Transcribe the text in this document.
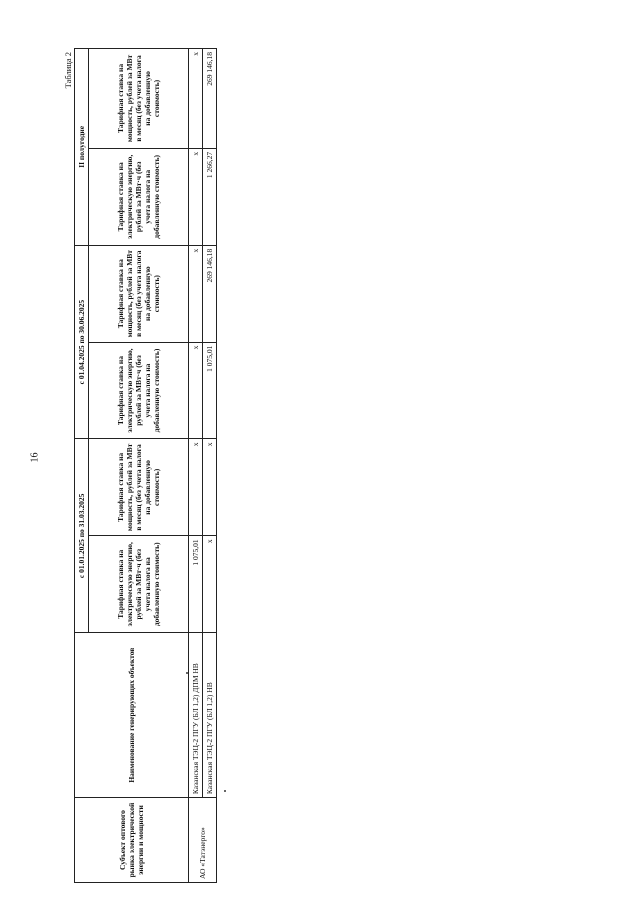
16
Таблица 2
Субъект оптового рынка электрической энергии и мощности	Наименование генерирующих объектов	с 01.01.2025 по 31.03.2025		с 01.04.2025 по 30.06.2025		II полугодие	
		Тарифная ставка на электрическую энергию, рублей за МВт·ч (без учета налога на добавленную стоимость)	Тарифная ставка на мощность, рублей за МВт в месяц (без учета налога на добавленную стоимость)	Тарифная ставка на электрическую энергию, рублей за МВт·ч (без учета налога на добавленную стоимость)	Тарифная ставка на мощность, рублей за МВт в месяц (без учета налога на добавленную стоимость)	Тарифная ставка на электрическую энергию, рублей за МВт·ч (без учета налога на добавленную стоимость)	Тарифная ставка на мощность, рублей за МВт в месяц (без учета налога на добавленную стоимость)
АО «Татэнерго»	Казанская ТЭЦ-2 ПГУ (БЛ 1,2) ДПМ НВ	1 075,01	х	х	х	х	х
	Казанская ТЭЦ-2 ПГУ (БЛ 1,2) НВ	х	х	1 075,01	269 146,18	1 266,27	269 146,18
